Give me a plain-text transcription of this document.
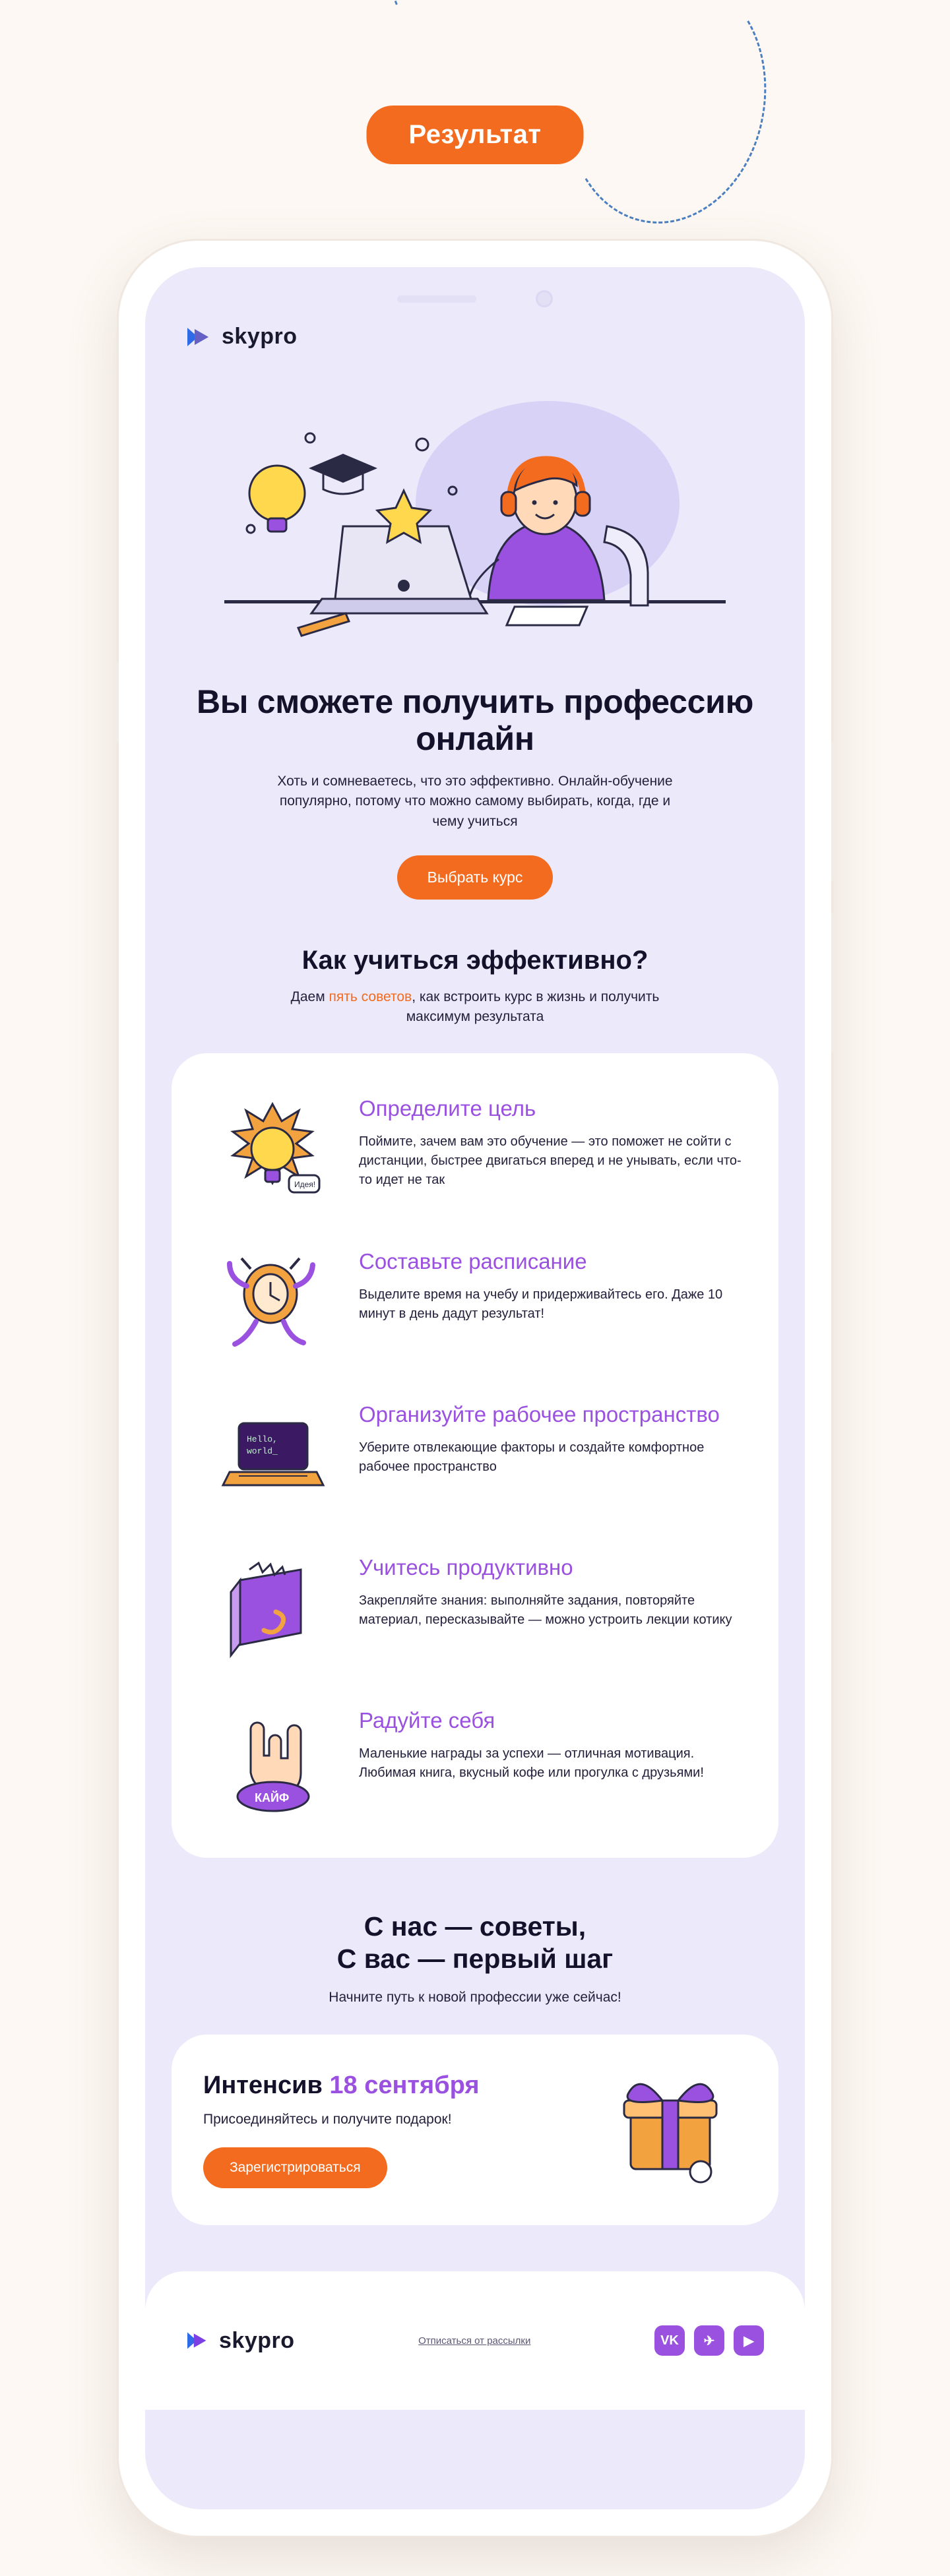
Результат
skypro
Вы сможете получить профессию онлайн

Хоть и сомневаетесь, что это эффективно. Онлайн-обучение популярно, потому что можно самому выбирать, когда, где и чему учиться

Выбрать курс
Как учиться эффективно?

Даем пять советов, как встроить курс в жизнь и получить максимум результата

Идея!
Определите цель
Поймите, зачем вам это обучение — это поможет не сойти с дистанции, быстрее двигаться вперед и не унывать, если что-то идет не так
Составьте расписание
Выделите время на учебу и придерживайтесь его. Даже 10 минут в день дадут результат!
Hello,
world_
Организуйте рабочее пространство
Уберите отвлекающие факторы и создайте комфортное рабочее пространство
Учитесь продуктивно
Закрепляйте знания: выполняйте задания, повторяйте материал, пересказывайте — можно устроить лекции котику
КАЙФ
Радуйте себя
Маленькие награды за успехи — отличная мотивация. Любимая книга, вкусный кофе или прогулка с друзьями!
С нас — советы,
С вас — первый шаг
Начните путь к новой профессии уже сейчас!
Интенсив 18 сентября
Присоединяйтесь и получите подарок!
Зарегистрироваться
skypro	Отписаться от рассылки	VK	✈	▶
